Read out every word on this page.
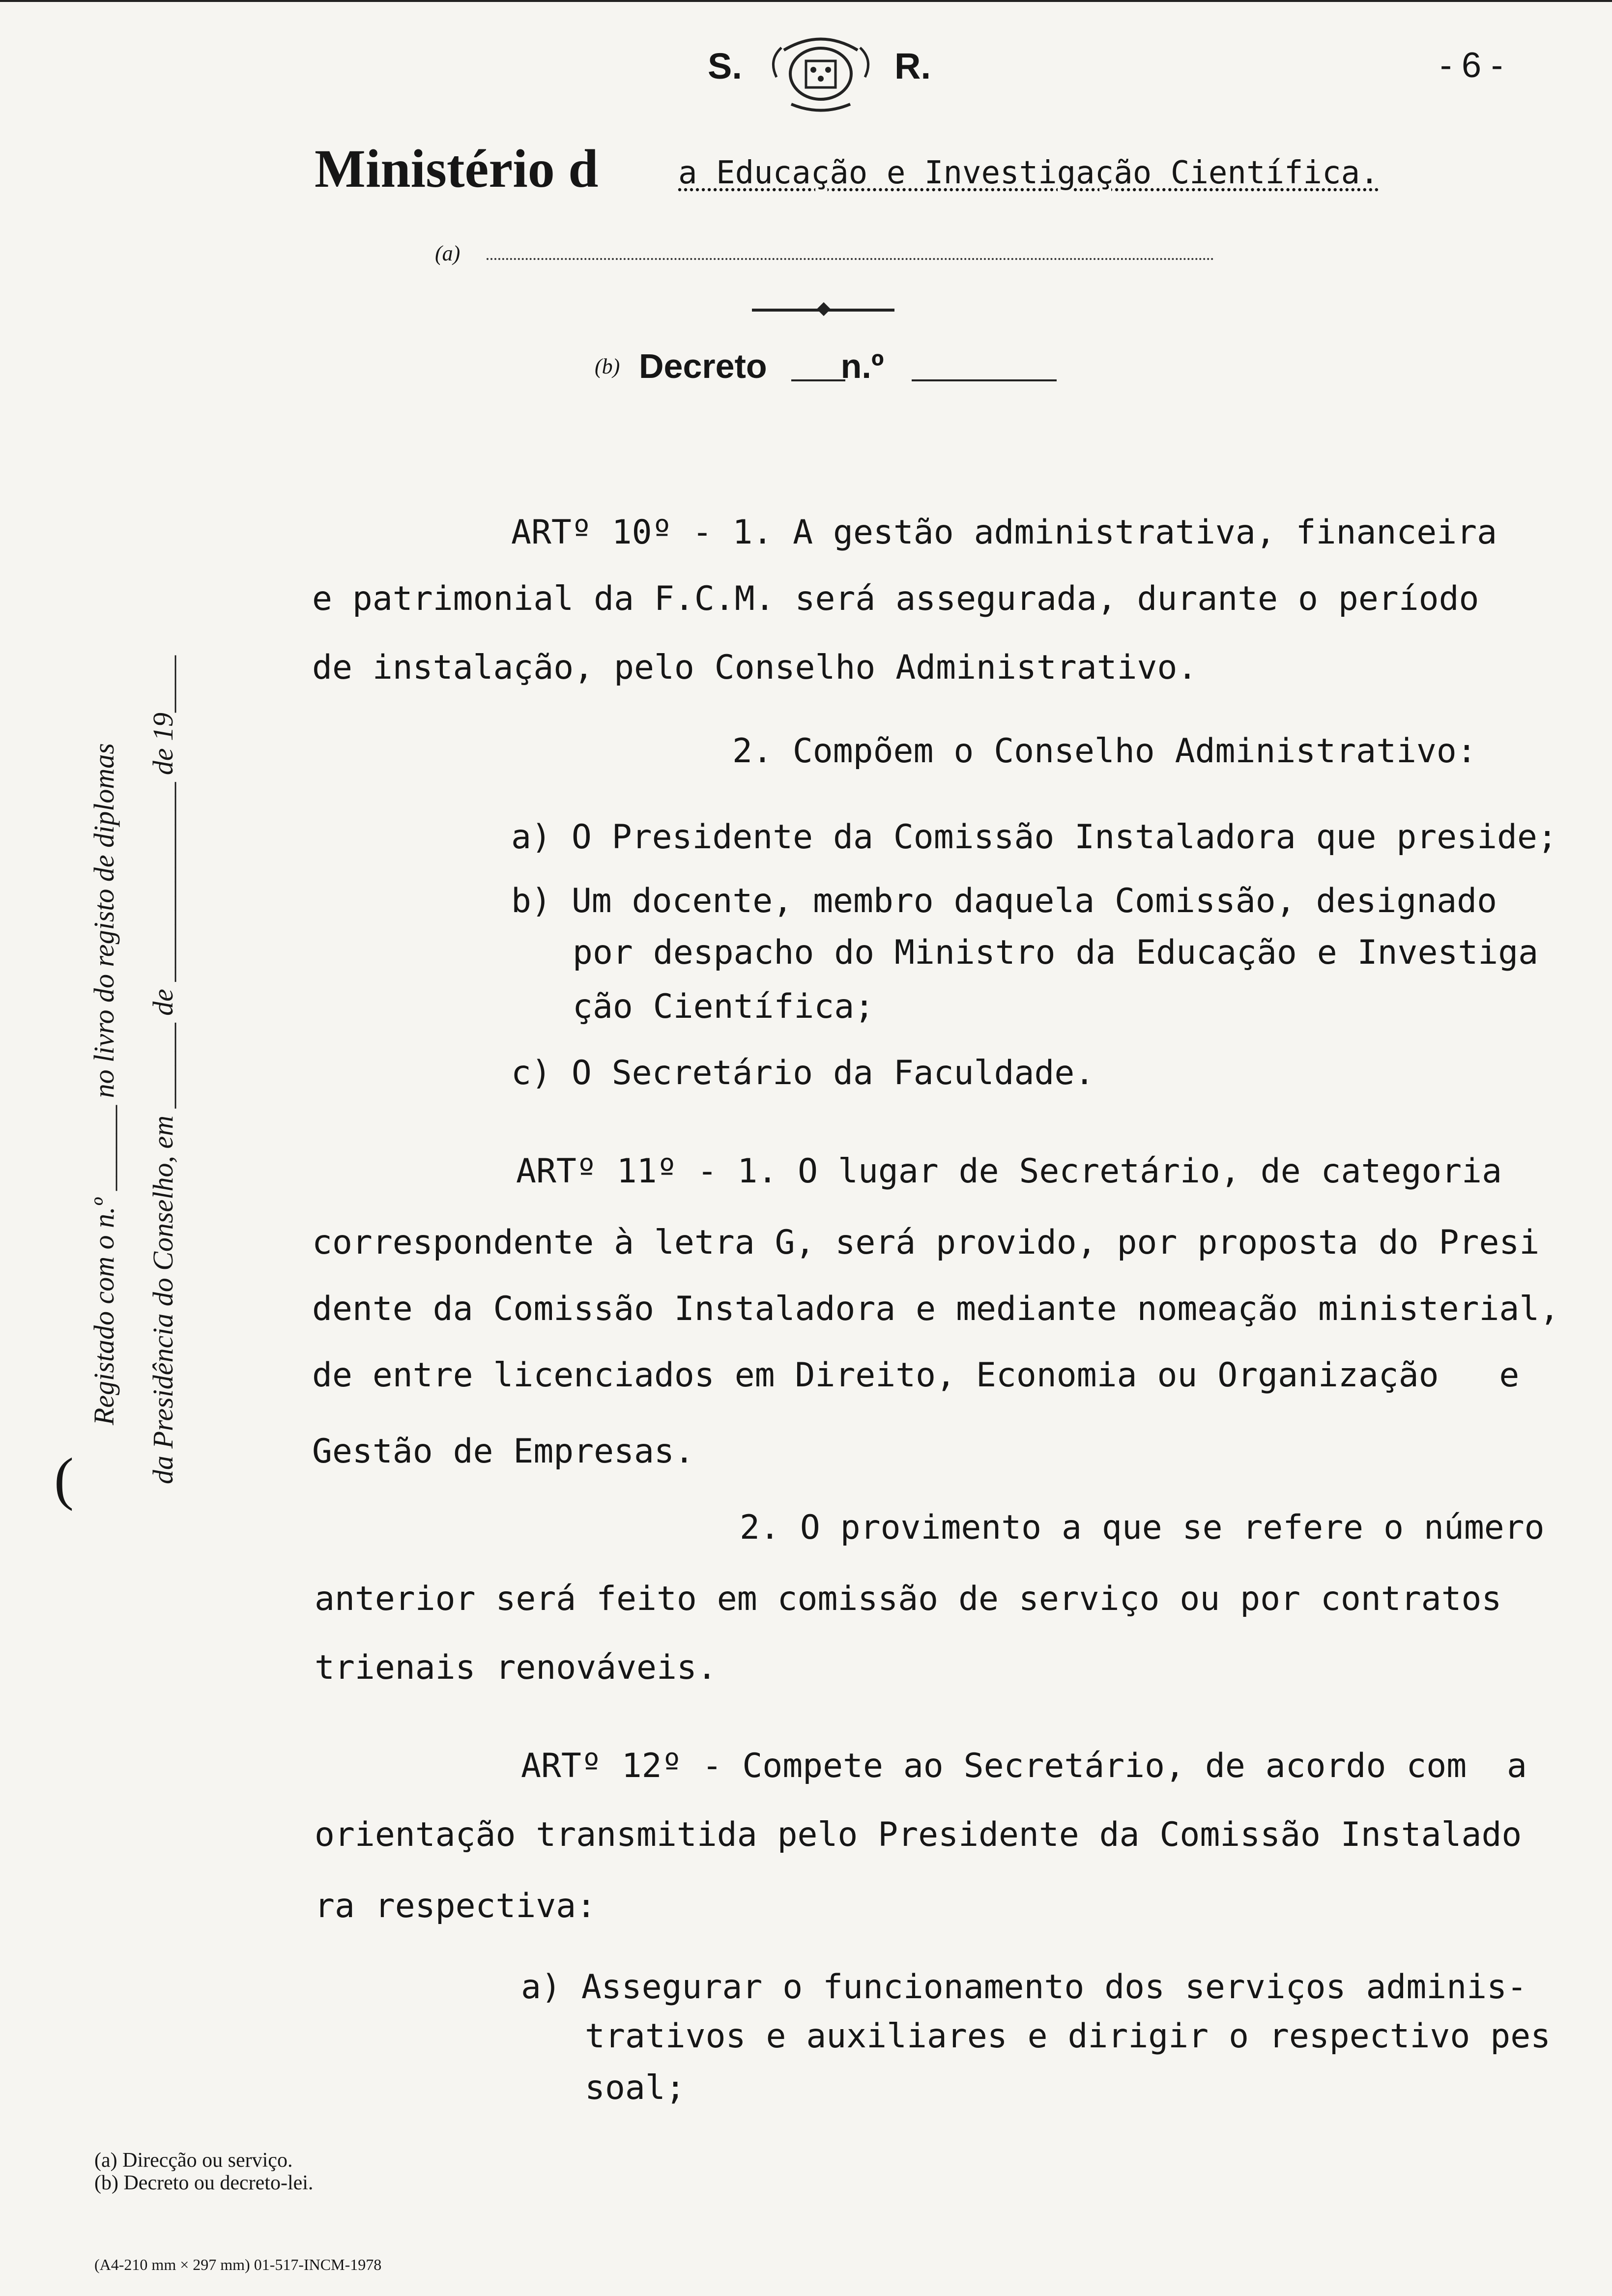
S.	R.	- 6 -
Ministério d	a Educação e Investigação Científica.
(a)
(b) Decreto n.º
(
Registado com o n.º ______ no livro do registo de diplomas da Presidência do Conselho, em ______ de ______________ de 19____
ARTº 10º - 1. A gestão administrativa, financeira
e patrimonial da F.C.M. será assegurada, durante o período
de instalação, pelo Conselho Administrativo.
2. Compõem o Conselho Administrativo:
a) O Presidente da Comissão Instaladora que preside;
b) Um docente, membro daquela Comissão, designado
por despacho do Ministro da Educação e Investiga
ção Científica;
c) O Secretário da Faculdade.
ARTº 11º - 1. O lugar de Secretário, de categoria
correspondente à letra G, será provido, por proposta do Presi
dente da Comissão Instaladora e mediante nomeação ministerial,
de entre licenciados em Direito, Economia ou Organização   e
Gestão de Empresas.
2. O provimento a que se refere o número
anterior será feito em comissão de serviço ou por contratos
trienais renováveis.
ARTº 12º - Compete ao Secretário, de acordo com  a
orientação transmitida pelo Presidente da Comissão Instalado
ra respectiva:
a) Assegurar o funcionamento dos serviços adminis-
trativos e auxiliares e dirigir o respectivo pes
soal;
(a) Direcção ou serviço.
(b) Decreto ou decreto-lei.
(A4-210 mm × 297 mm) 01-517-INCM-1978
